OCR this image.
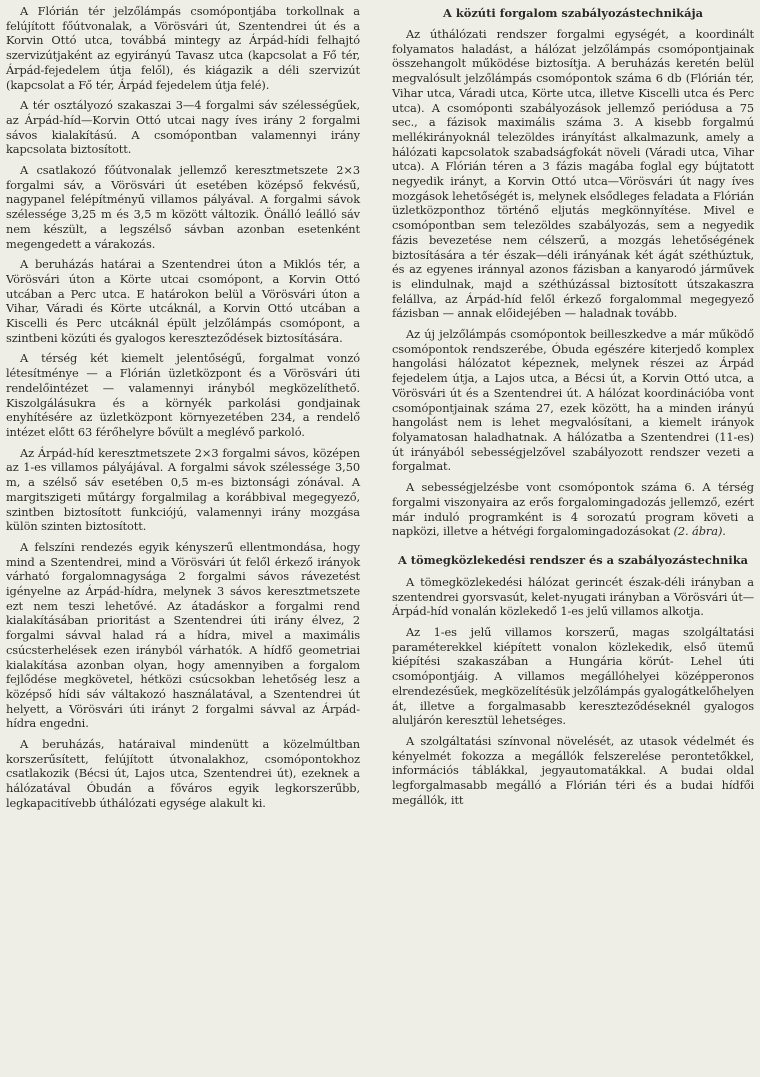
A Flórián tér jelzőlámpás csomópontjába torkollnak a felújított főútvonalak, a Vörösvári út, Szentendrei út és a Korvin Ottó utca, továbbá mintegy az Árpád-hídi felhajtó szervizútjaként az egyirányú Tavasz utca (kapcsolat a Fő tér, Árpád-fejedelem útja felől), és kiágazik a déli szervizút (kapcsolat a Fő tér, Árpád fejedelem útja felé).

A tér osztályozó szakaszai 3—4 forgalmi sáv szélességűek, az Árpád-híd—Korvin Ottó utcai nagy íves irány 2 forgalmi sávos kialakítású. A csomópontban valamennyi irány kapcsolata biztosított.

A csatlakozó főútvonalak jellemző keresztmetszete 2×3 forgalmi sáv, a Vörösvári út esetében középső fekvésű, nagypanel felépítményű villamos pályával. A forgalmi sávok szélessége 3,25 m és 3,5 m között változik. Önálló leálló sáv nem készült, a legszélső sávban azonban esetenként megengedett a várakozás.

A beruházás határai a Szentendrei úton a Miklós tér, a Vörösvári úton a Körte utcai csomópont, a Korvin Ottó utcában a Perc utca. E határokon belül a Vörösvári úton a Vihar, Váradi és Körte utcáknál, a Korvin Ottó utcában a Kiscelli és Perc utcáknál épült jelzőlámpás csomópont, a szintbeni közúti és gyalogos kereszteződések biztosítására.

A térség két kiemelt jelentőségű, forgalmat vonzó létesítménye — a Flórián üzletközpont és a Vörösvári úti rendelőintézet — valamennyi irányból megközelíthető. Kiszolgálásukra és a környék parkolási gondjainak enyhítésére az üzletközpont környezetében 234, a rendelő intézet előtt 63 férőhelyre bővült a meglévő parkoló.

Az Árpád-híd keresztmetszete 2×3 forgalmi sávos, középen az 1-es villamos pályájával. A forgalmi sávok szélessége 3,50 m, a szélső sáv esetében 0,5 m-es biztonsági zónával. A margitszigeti műtárgy forgalmilag a korábbival megegyező, szintben biztosított funkciójú, valamennyi irány mozgása külön szinten biztosított.

A felszíni rendezés egyik kényszerű ellentmondása, hogy mind a Szentendrei, mind a Vörösvári út felől érkező irányok várható forgalomnagysága 2 forgalmi sávos rávezetést igényelne az Árpád-hídra, melynek 3 sávos keresztmetszete ezt nem teszi lehetővé. Az átadáskor a forgalmi rend kialakításában prioritást a Szentendrei úti irány élvez, 2 forgalmi sávval halad rá a hídra, mivel a maximális csúcsterhelések ezen irányból várhatók. A hídfő geometriai kialakítása azonban olyan, hogy amennyiben a forgalom fejlődése megkövetel, hétközi csúcsokban lehetőség lesz a középső hídi sáv váltakozó használatával, a Szentendrei út helyett, a Vörösvári úti irányt 2 forgalmi sávval az Árpád-hídra engedni.

A beruházás, határaival mindenütt a közelmúltban korszerűsített, felújított útvonalakhoz, csomópontokhoz csatlakozik (Bécsi út, Lajos utca, Szentendrei út), ezeknek a hálózatával Óbudán a főváros egyik legkorszerűbb, legkapacitívebb úthálózati egysége alakult ki.

A közúti forgalom szabályozástechnikája

Az úthálózati rendszer forgalmi egységét, a koordinált folyamatos haladást, a hálózat jelzőlámpás csomópontjainak összehangolt működése biztosítja. A beruházás keretén belül megvalósult jelzőlámpás csomópontok száma 6 db (Flórián tér, Vihar utca, Váradi utca, Körte utca, illetve Kiscelli utca és Perc utca). A csomóponti szabályozások jellemző periódusa a 75 sec., a fázisok maximális száma 3. A kisebb forgalmú mellékirányoknál telezöldes irányítást alkalmazunk, amely a hálózati kapcsolatok szabadságfokát növeli (Váradi utca, Vihar utca). A Flórián téren a 3 fázis magába foglal egy bújtatott negyedik irányt, a Korvin Ottó utca—Vörösvári út nagy íves mozgások lehetőségét is, melynek elsődleges feladata a Flórián üzletközponthoz történő eljutás megkönnyítése. Mivel e csomópontban sem telezöldes szabályozás, sem a negyedik fázis bevezetése nem célszerű, a mozgás lehetőségének biztosítására a tér észak—déli irányának két ágát széthúztuk, és az egyenes iránnyal azonos fázisban a kanyarodó járművek is elindulnak, majd a széthúzással biztosított útszakaszra felállva, az Árpád-híd felől érkező forgalommal megegyező fázisban — annak előidejében — haladnak tovább.

Az új jelzőlámpás csomópontok beilleszkedve a már működő csomópontok rendszerébe, Óbuda egészére kiterjedő komplex hangolási hálózatot képeznek, melynek részei az Árpád fejedelem útja, a Lajos utca, a Bécsi út, a Korvin Ottó utca, a Vörösvári út és a Szentendrei út. A hálózat koordinációba vont csomópontjainak száma 27, ezek között, ha a minden irányú hangolást nem is lehet megvalósítani, a kiemelt irányok folyamatosan haladhatnak. A hálózatba a Szentendrei (11-es) út irányából sebességjelzővel szabályozott rendszer vezeti a forgalmat.

A sebességjelzésbe vont csomópontok száma 6. A térség forgalmi viszonyaira az erős forgalomingadozás jellemző, ezért már induló programként is 4 sorozatú program követi a napközi, illetve a hétvégi forgalomingadozásokat (2. ábra).

A tömegközlekedési rendszer és a szabályozástechnika

A tömegközlekedési hálózat gerincét észak-déli irányban a szentendrei gyorsvasút, kelet-nyugati irányban a Vörösvári út—Árpád-híd vonalán közlekedő 1-es jelű villamos alkotja.

Az 1-es jelű villamos korszerű, magas szolgáltatási paraméterekkel kiépített vonalon közlekedik, első ütemű kiépítési szakaszában a Hungária körút- Lehel úti csomópontjáig. A villamos megállóhelyei középperonos elrendezésűek, megközelítésük jelzőlámpás gyalogátkelőhelyen át, illetve a forgalmasabb kereszteződéseknél gyalogos aluljárón keresztül lehetséges.

A szolgáltatási színvonal növelését, az utasok védelmét és kényelmét fokozza a megállók felszerelése perontetőkkel, információs táblákkal, jegyautomatákkal. A budai oldal legforgalmasabb megálló a Flórián téri és a budai hídfői megállók, itt
